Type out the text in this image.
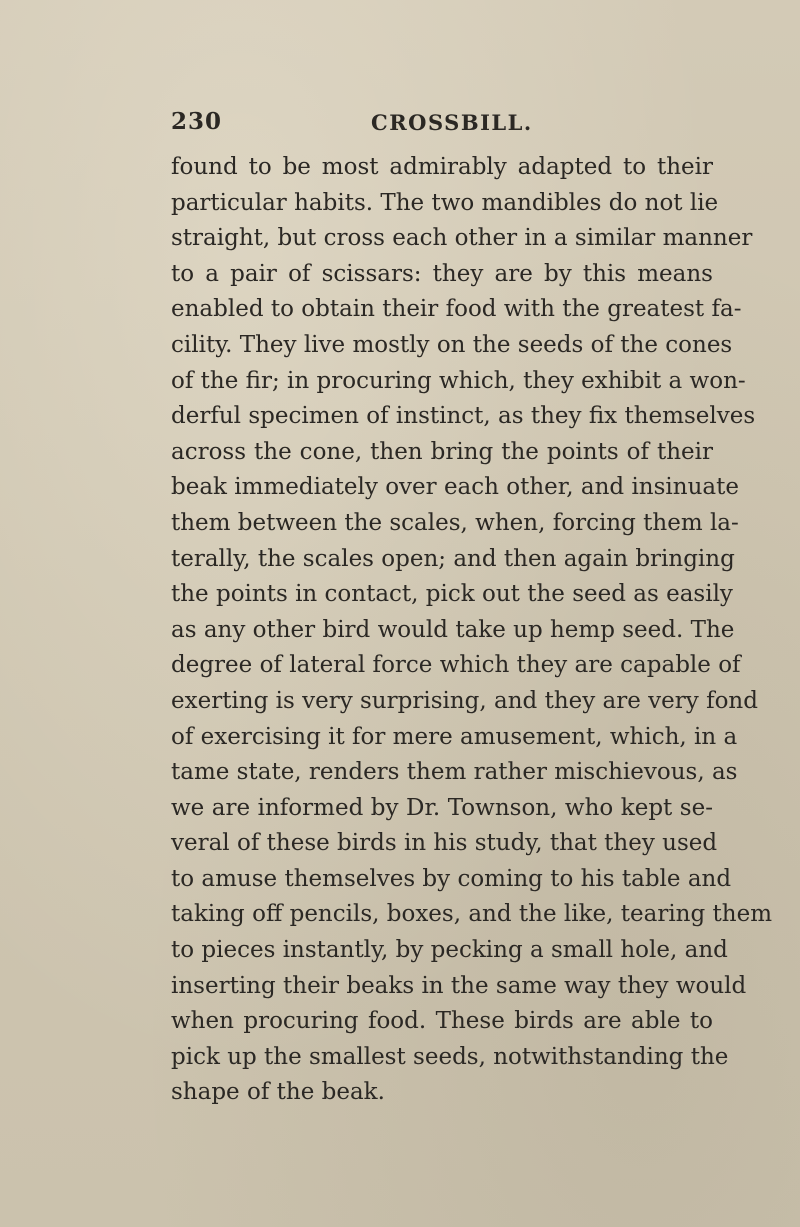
230	CROSSBILL.
found to be most admirably adapted to their
particular habits. The two mandibles do not lie
straight, but cross each other in a similar manner
to a pair of scissars: they are by this means
enabled to obtain their food with the greatest fa-
cility. They live mostly on the seeds of the cones
of the fir; in procuring which, they exhibit a won-
derful specimen of instinct, as they fix themselves
across the cone, then bring the points of their
beak immediately over each other, and insinuate
them between the scales, when, forcing them la-
terally, the scales open; and then again bringing
the points in contact, pick out the seed as easily
as any other bird would take up hemp seed. The
degree of lateral force which they are capable of
exerting is very surprising, and they are very fond
of exercising it for mere amusement, which, in a
tame state, renders them rather mischievous, as
we are informed by Dr. Townson, who kept se-
veral of these birds in his study, that they used
to amuse themselves by coming to his table and
taking off pencils, boxes, and the like, tearing them
to pieces instantly, by pecking a small hole, and
inserting their beaks in the same way they would
when procuring food. These birds are able to
pick up the smallest seeds, notwithstanding the
shape of the beak.
